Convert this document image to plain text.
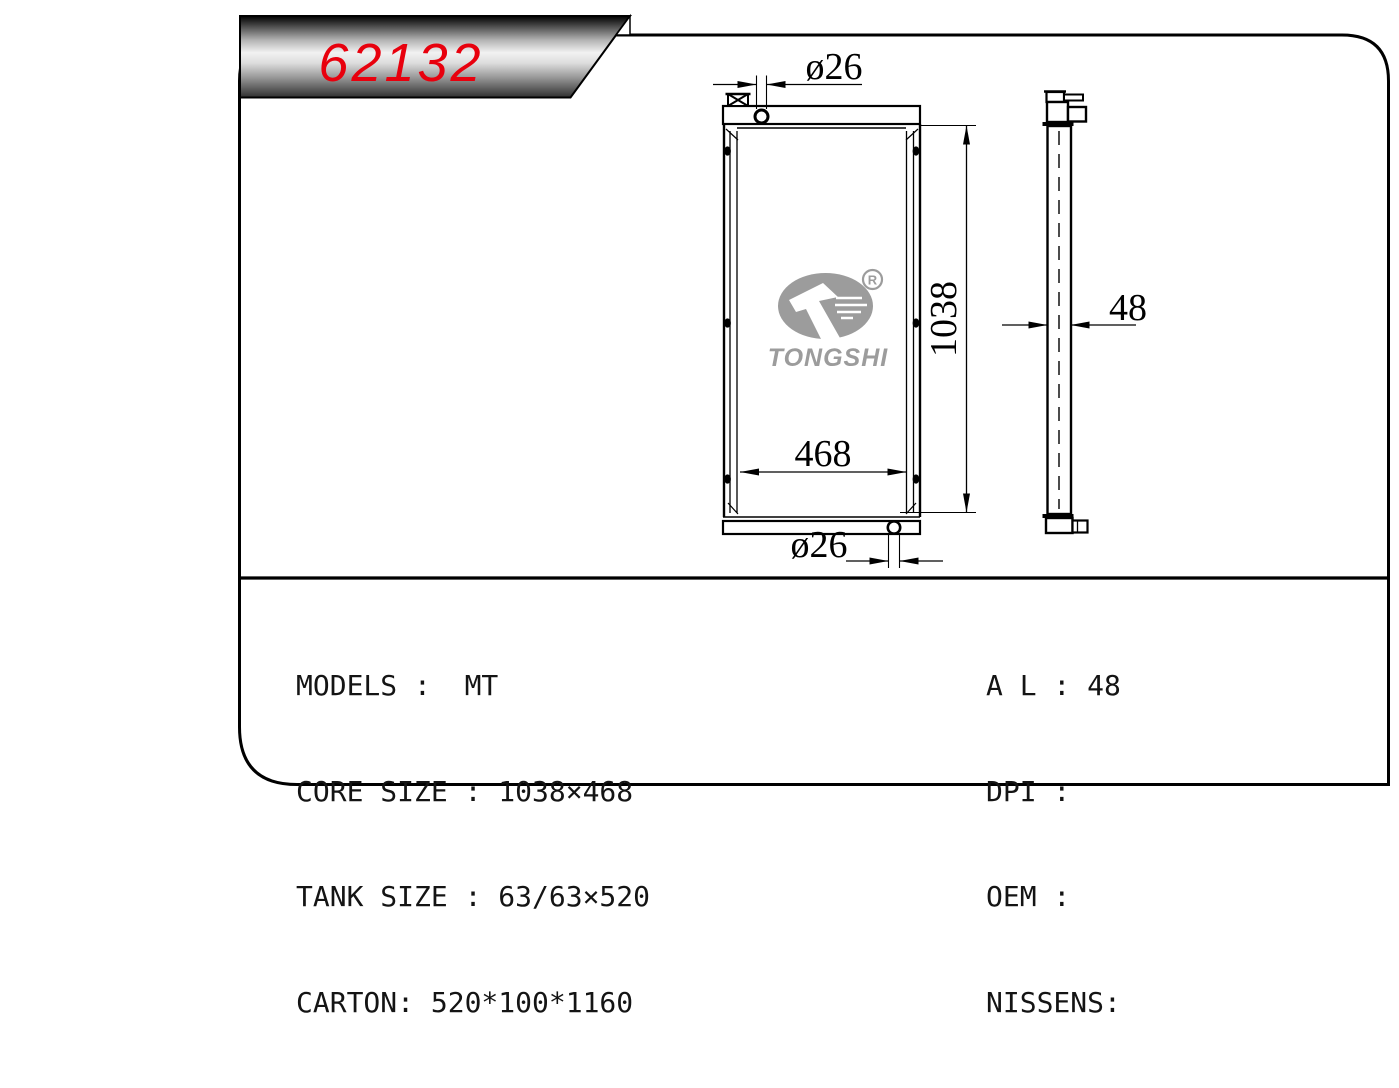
R
TONGSHI
ø26
1038
468
ø26
48
62132

MODELS :  MT

CORE SIZE : 1038×468

TANK SIZE : 63/63×520

CARTON: 520*100*1160

A L : 48

DPI :

OEM :

NISSENS:
